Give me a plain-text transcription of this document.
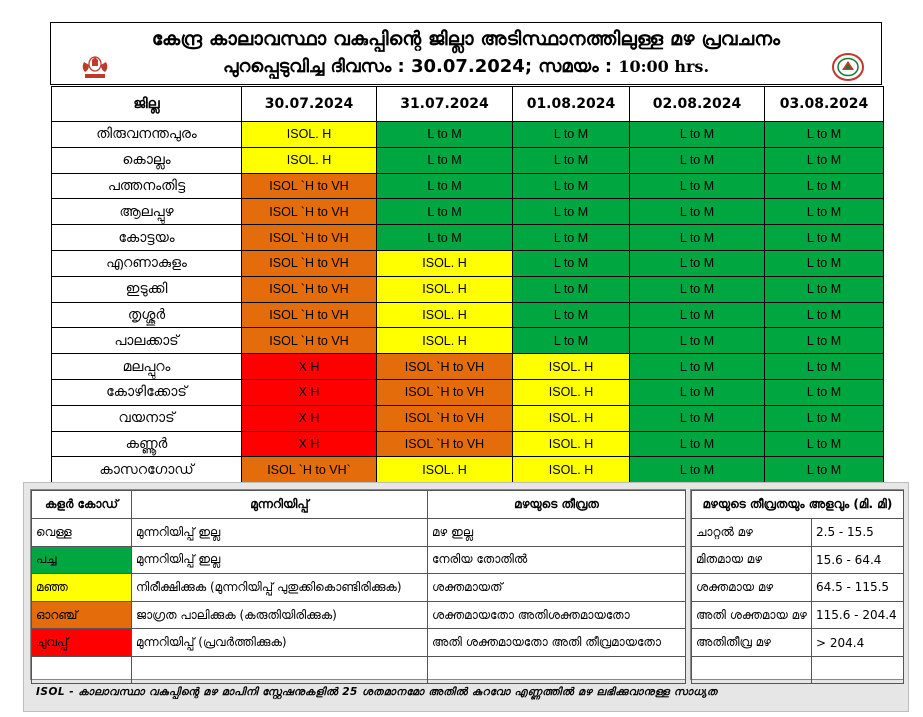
കേന്ദ്ര കാലാവസ്ഥാ വകുപ്പിന്റെ ജില്ലാ അടിസ്ഥാനത്തിലുള്ള മഴ പ്രവചനം
പുറപ്പെടുവിച്ച ദിവസം : 30.07.2024; സമയം : 10:00 hrs.
ജില്ല	30.07.2024	31.07.2024	01.08.2024	02.08.2024	03.08.2024
തിരുവനന്തപുരം	ISOL. H	L to M	L to M	L to M	L to M
കൊല്ലം	ISOL. H	L to M	L to M	L to M	L to M
പത്തനംതിട്ട	ISOL `H to VH	L to M	L to M	L to M	L to M
ആലപ്പുഴ	ISOL `H to VH	L to M	L to M	L to M	L to M
കോട്ടയം	ISOL `H to VH	L to M	L to M	L to M	L to M
എറണാകുളം	ISOL `H to VH	ISOL. H	L to M	L to M	L to M
ഇടുക്കി	ISOL `H to VH	ISOL. H	L to M	L to M	L to M
തൃശ്ശൂർ	ISOL `H to VH	ISOL. H	L to M	L to M	L to M
പാലക്കാട്	ISOL `H to VH	ISOL. H	L to M	L to M	L to M
മലപ്പുറം	X H	ISOL `H to VH	ISOL. H	L to M	L to M
കോഴിക്കോട്	X H	ISOL `H to VH	ISOL. H	L to M	L to M
വയനാട്	X H	ISOL `H to VH	ISOL. H	L to M	L to M
കണ്ണൂർ	X H	ISOL `H to VH	ISOL. H	L to M	L to M
കാസറഗോഡ്	ISOL `H to VH`	ISOL. H	ISOL. H	L to M	L to M
കളർ കോഡ്	മുന്നറിയിപ്പ്	മഴയുടെ തീവ്രത
വെള്ള	മുന്നറിയിപ്പ് ഇല്ല	മഴ ഇല്ല
പച്ച	മുന്നറിയിപ്പ് ഇല്ല	നേരിയ തോതിൽ
മഞ്ഞ	നിരീക്ഷിക്കുക (മുന്നറിയിപ്പ് പുതുക്കികൊണ്ടിരിക്കുക)	ശക്തമായത്
ഓറഞ്ച്	ജാഗ്രത പാലിക്കുക (കരുതിയിരിക്കുക)	ശക്തമായതോ അതിശക്തമായതോ
ചുവപ്പ്	മുന്നറിയിപ്പ് (പ്രവർത്തിക്കുക)	അതി ശക്തമായതോ അതി തീവ്രമായതോ

മഴയുടെ തീവ്രതയും അളവും (മി. മി)	
ചാറ്റൽ മഴ	2.5 - 15.5
മിതമായ മഴ	15.6 - 64.4
ശക്തമായ മഴ	64.5 - 115.5
അതി ശക്തമായ മഴ	115.6 - 204.4
അതിതീവ്ര മഴ	> 204.4

ISOL - കാലാവസ്ഥാ വകുപ്പിന്റെ മഴ മാപിനി സ്റ്റേഷനുകളിൽ 25 ശതമാനമോ അതിൽ കുറവോ എണ്ണത്തിൽ മഴ ലഭിക്കുവാനുള്ള സാധ്യത
